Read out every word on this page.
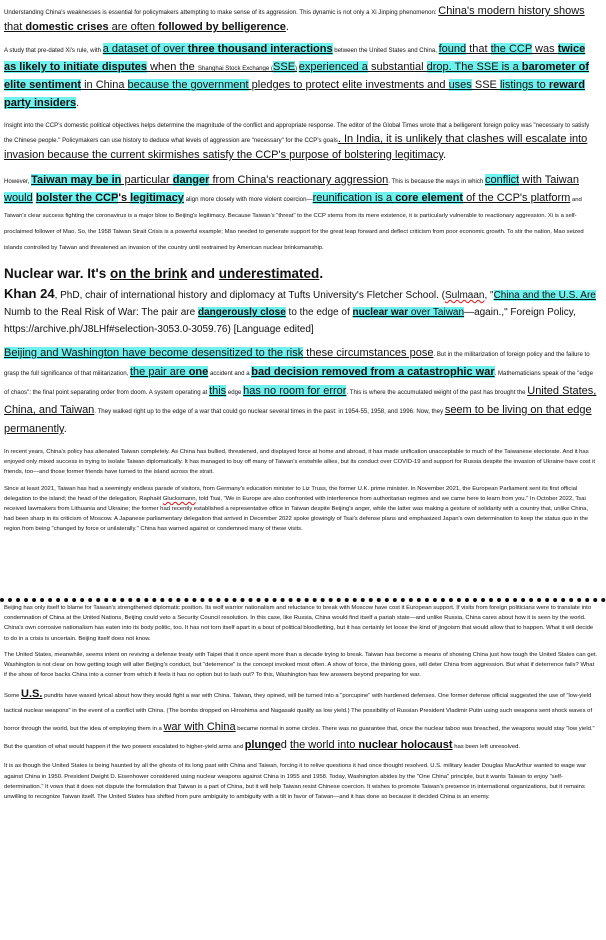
Understanding China's weaknesses is essential for policymakers attempting to make sense of its aggression. This dynamic is not only a Xi Jinping phenomenon: China's modern history shows that domestic crises are often followed by belligerence.

A study that pre-dated Xi's rule, with a dataset of over three thousand interactions between the United States and China, found that the CCP was twice as likely to initiate disputes when the Shanghai Stock Exchange (SSE) experienced a substantial drop. The SSE is a barometer of elite sentiment in China because the government pledges to protect elite investments and uses SSE listings to reward party insiders.

Insight into the CCP's domestic political objectives helps determine the magnitude of the conflict and appropriate response. The editor of the Global Times wrote that a belligerent foreign policy was "necessary to satisfy the Chinese people." Policymakers can use history to deduce what levels of aggression are "necessary" for the CCP's goals. In India, it is unlikely that clashes will escalate into invasion because the current skirmishes satisfy the CCP's purpose of bolstering legitimacy.

However, Taiwan may be in particular danger from China's reactionary aggression. This is because the ways in which conflict with Taiwan would bolster the CCP's legitimacy align more closely with more violent coercion—reunification is a core element of the CCP's platform and Taiwan's clear success fighting the coronavirus is a major blow to Beijing's legitimacy. Because Taiwan's "threat" to the CCP stems from its mere existence, it is particularly vulnerable to reactionary aggression. Xi is a self-proclaimed follower of Mao. So, the 1958 Taiwan Strait Crisis is a powerful example; Mao needed to generate support for the great leap forward and deflect criticism from poor economic growth. To stir the nation, Mao seized islands controlled by Taiwan and threatened an invasion of the country until restrained by American nuclear brinksmanship.

Nuclear war. It's on the brink and underestimated.

Khan 24, PhD, chair of international history and diplomacy at Tufts University's Fletcher School. (Sulmaan, "China and the U.S. Are Numb to the Real Risk of War: The pair are dangerously close to the edge of nuclear war over Taiwan—again.," Foreign Policy, https://archive.ph/J8LHf#selection-3053.0-3059.76) [Language edited]

Beijing and Washington have become desensitized to the risk these circumstances pose. But in the militarization of foreign policy and the failure to grasp the full significance of that militarization, the pair are one accident and a bad decision removed from a catastrophic war. Mathematicians speak of the "edge of chaos": the final point separating order from doom. A system operating at this edge has no room for error. This is where the accumulated weight of the past has brought the United States, China, and Taiwan. They walked right up to the edge of a war that could go nuclear several times in the past: in 1954-55, 1958, and 1996. Now, they seem to be living on that edge permanently.

In recent years, China's policy has alienated Taiwan completely. As China has bullied, threatened, and displayed force at home and abroad, it has made unification unacceptable to much of the Taiwanese electorate. And it has enjoyed only mixed success in trying to isolate Taiwan diplomatically. It has managed to buy off many of Taiwan's erstwhile allies, but its conduct over COVID-19 and support for Russia despite the invasion of Ukraine have cost it friends, too—and those former friends have turned to the island across the strait.

Since at least 2021, Taiwan has had a seemingly endless parade of visitors, from Germany's education minister to Liz Truss, the former U.K. prime minister. In November 2021, the European Parliament sent its first official delegation to the island; the head of the delegation, Raphaël Glucksmann, told Tsai, "We in Europe are also confronted with interference from authoritarian regimes and we came here to learn from you." In October 2022, Tsai received lawmakers from Lithuania and Ukraine; the former had recently established a representative office in Taiwan despite Beijing's anger, while the latter was making a gesture of solidarity with a country that, unlike China, had been sharp in its criticism of Moscow. A Japanese parliamentary delegation that arrived in December 2022 spoke glowingly of Tsai's defense plans and emphasized Japan's own determination to keep the status quo in the region from being "changed by force or unilaterally." China has warned against or condemned many of these visits.

Beijing has only itself to blame for Taiwan's strengthened diplomatic position. Its wolf warrior nationalism and reluctance to break with Moscow have cost it European support. If visits from foreign politicians were to translate into condemnation of China at the United Nations, Beijing could veto a Security Council resolution. In this case, like Russia, China would find itself a pariah state—and unlike Russia, China cares about how it is seen by the world. China's own corrosive nationalism has eaten into its body politic, too. It has not torn itself apart in a bout of political bloodletting, but it has certainly let loose the kind of jingoism that would allow that to happen. What it will decide to do in a crisis is uncertain. Beijing itself does not know.

The United States, meanwhile, seems intent on reviving a defense treaty with Taipei that it once spent more than a decade trying to break. Taiwan has become a means of showing China just how tough the United States can get. Washington is not clear on how getting tough will alter Beijing's conduct, but "deterrence" is the concept invoked most often. A show of force, the thinking goes, will deter China from aggression. But what if deterrence fails? What if the show of force backs China into a corner from which it feels it has no option but to lash out? To this, Washington has few answers beyond preparing for war.

Some U.S. pundits have waxed lyrical about how they would fight a war with China. Taiwan, they opined, will be turned into a "porcupine" with hardened defenses. One former defense official suggested the use of "low-yield tactical nuclear weapons" in the event of a conflict with China. (The bombs dropped on Hiroshima and Nagasaki qualify as low yield.) The possibility of Russian President Vladimir Putin using such weapons sent shock waves of horror through the world, but the idea of employing them in a war with China became normal in some circles. There was no guarantee that, once the nuclear taboo was breached, the weapons would stay "low yield." But the question of what would happen if the two powers escalated to higher-yield arms and plunged the world into nuclear holocaust has been left unresolved.

It is as though the United States is being haunted by all the ghosts of its long past with China and Taiwan, forcing it to relive questions it had once thought resolved. U.S. military leader Douglas MacArthur wanted to wage war against China in 1950. President Dwight D. Eisenhower considered using nuclear weapons against China in 1955 and 1958. Today, Washington abides by the "One China" principle, but it wants Taiwan to enjoy "self-determination." It vows that it does not dispute the formulation that Taiwan is a part of China, but it will help Taiwan resist Chinese coercion. It wishes to promote Taiwan's presence in international organizations, but it remains unwilling to recognize Taiwan itself. The United States has shifted from pure ambiguity to ambiguity with a tilt in favor of Taiwan—and it has done so because it decided China is an enemy.
